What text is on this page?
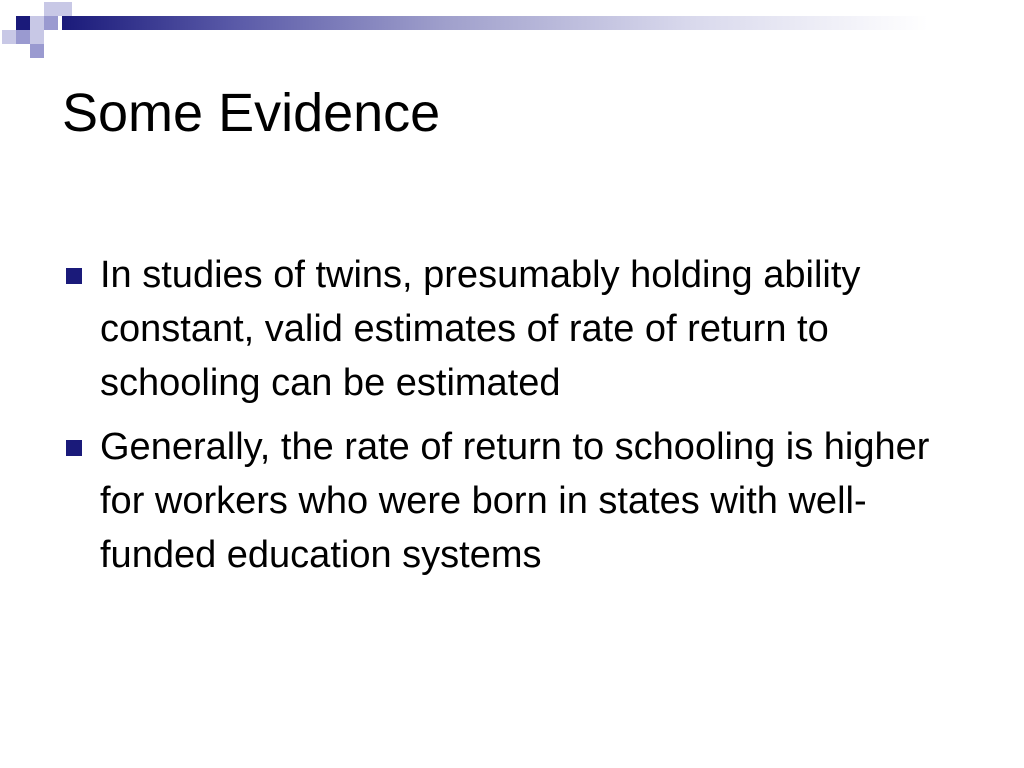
Some Evidence
In studies of twins, presumably holding ability constant, valid estimates of rate of return to schooling can be estimated
Generally, the rate of return to schooling is higher for workers who were born in states with well-funded education systems
